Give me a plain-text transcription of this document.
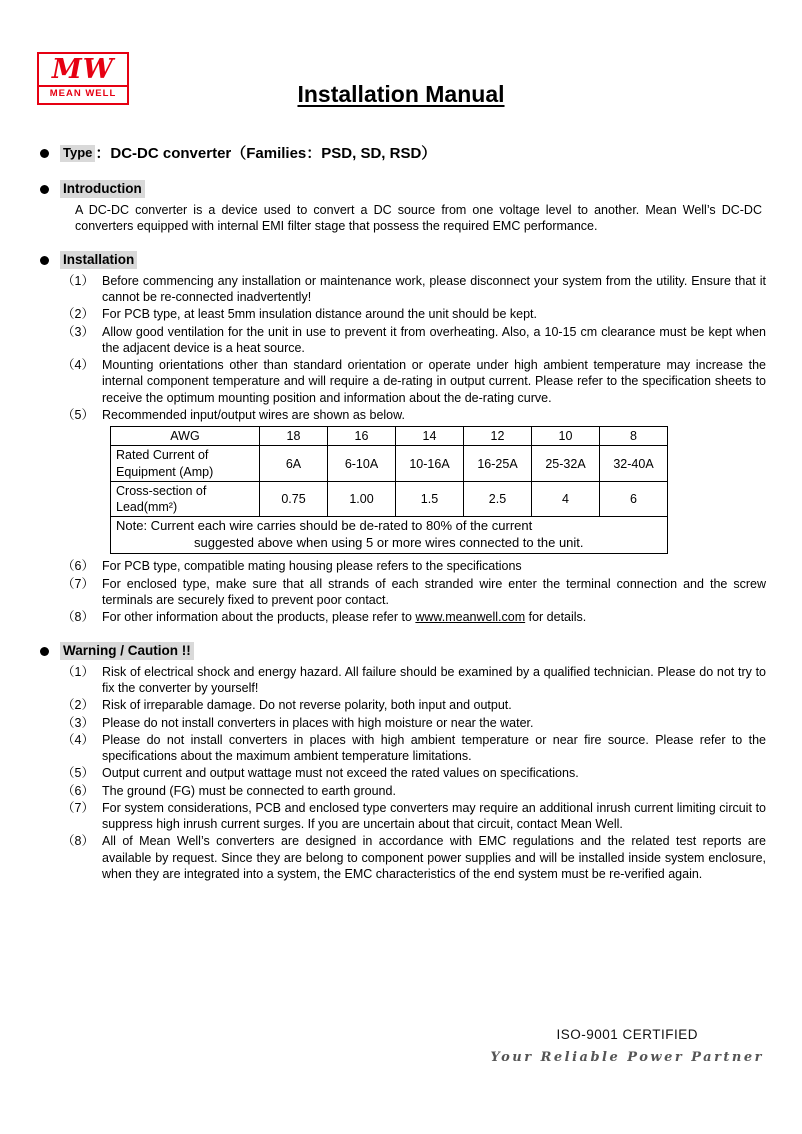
MW
MEAN WELL	Installation Manual
Type ：DC-DC converter（Families：PSD, SD, RSD）
Introduction
A DC-DC converter is a device used to convert a DC source from one voltage level to another. Mean Well’s DC-DC converters equipped with internal EMI filter stage that possess the required EMC performance.
Installation
（1） Before commencing any installation or maintenance work, please disconnect your system from the utility. Ensure that it cannot be re-connected inadvertently!
（2） For PCB type, at least 5mm insulation distance around the unit should be kept.
（3） Allow good ventilation for the unit in use to prevent it from overheating. Also, a 10-15 cm clearance must be kept when the adjacent device is a heat source.
（4） Mounting orientations other than standard orientation or operate under high ambient temperature may increase the internal component temperature and will require a de-rating in output current. Please refer to the specification sheets to receive the optimum mounting position and information about the de-rating curve.
（5） Recommended input/output wires are shown as below.
AWG	18	16	14	12	10	8
Rated Current of Equipment (Amp)	6A	6-10A	10-16A	16-25A	25-32A	32-40A
Cross-section of Lead(mm²)	0.75	1.00	1.5	2.5	4	6

Note: Current each wire carries should be de-rated to 80% of the current
suggested above when using 5 or more wires connected to the unit.						
（6） For PCB type, compatible mating housing please refers to the specifications
（7） For enclosed type, make sure that all strands of each stranded wire enter the terminal connection and the screw terminals are securely fixed to prevent poor contact.
（8） For other information about the products, please refer to www.meanwell.com for details.
Warning / Caution !!
（1） Risk of electrical shock and energy hazard. All failure should be examined by a qualified technician. Please do not try to fix the converter by yourself!
（2） Risk of irreparable damage. Do not reverse polarity, both input and output.
（3） Please do not install converters in places with high moisture or near the water.
（4） Please do not install converters in places with high ambient temperature or near fire source. Please refer to the specifications about the maximum ambient temperature limitations.
（5） Output current and output wattage must not exceed the rated values on specifications.
（6） The ground (FG) must be connected to earth ground.
（7） For system considerations, PCB and enclosed type converters may require an additional inrush current limiting circuit to suppress high inrush current surges. If you are uncertain about that circuit, contact Mean Well.
（8） All of Mean Well’s converters are designed in accordance with EMC regulations and the related test reports are available by request. Since they are belong to component power supplies and will be installed inside system enclosure, when they are integrated into a system, the EMC characteristics of the end system must be re-verified again.
ISO-9001 CERTIFIED
Your Reliable Power Partner
